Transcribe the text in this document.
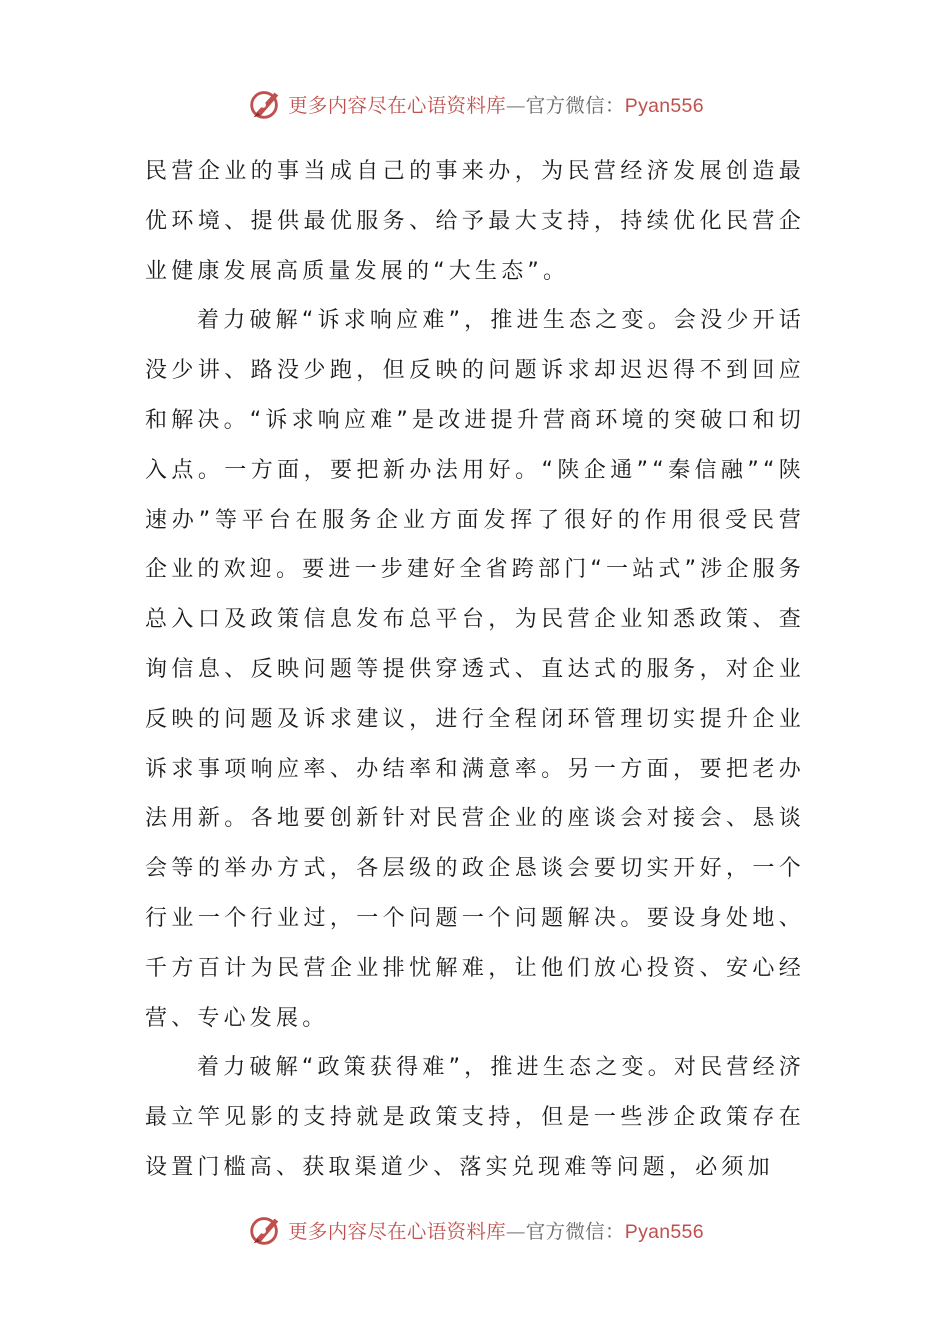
更多内容尽在心语资料库—官方微信：Pyan556

民营企业的事当成自己的事来办，为民营经济发展创造最优环境、提供最优服务、给予最大支持，持续优化民营企业健康发展高质量发展的“大生态”。

着力破解“诉求响应难”，推进生态之变。会没少开话没少讲、路没少跑，但反映的问题诉求却迟迟得不到回应和解决。“诉求响应难”是改进提升营商环境的突破口和切入点。一方面，要把新办法用好。“陕企通”“秦信融”“陕速办”等平台在服务企业方面发挥了很好的作用很受民营企业的欢迎。要进一步建好全省跨部门“一站式”涉企服务总入口及政策信息发布总平台，为民营企业知悉政策、查询信息、反映问题等提供穿透式、直达式的服务，对企业反映的问题及诉求建议，进行全程闭环管理切实提升企业诉求事项响应率、办结率和满意率。另一方面，要把老办法用新。各地要创新针对民营企业的座谈会对接会、恳谈会等的举办方式，各层级的政企恳谈会要切实开好，一个行业一个行业过，一个问题一个问题解决。要设身处地、千方百计为民营企业排忧解难，让他们放心投资、安心经营、专心发展。

着力破解“政策获得难”，推进生态之变。对民营经济最立竿见影的支持就是政策支持，但是一些涉企政策存在设置门槛高、获取渠道少、落实兑现难等问题，必须加

更多内容尽在心语资料库—官方微信：Pyan556
